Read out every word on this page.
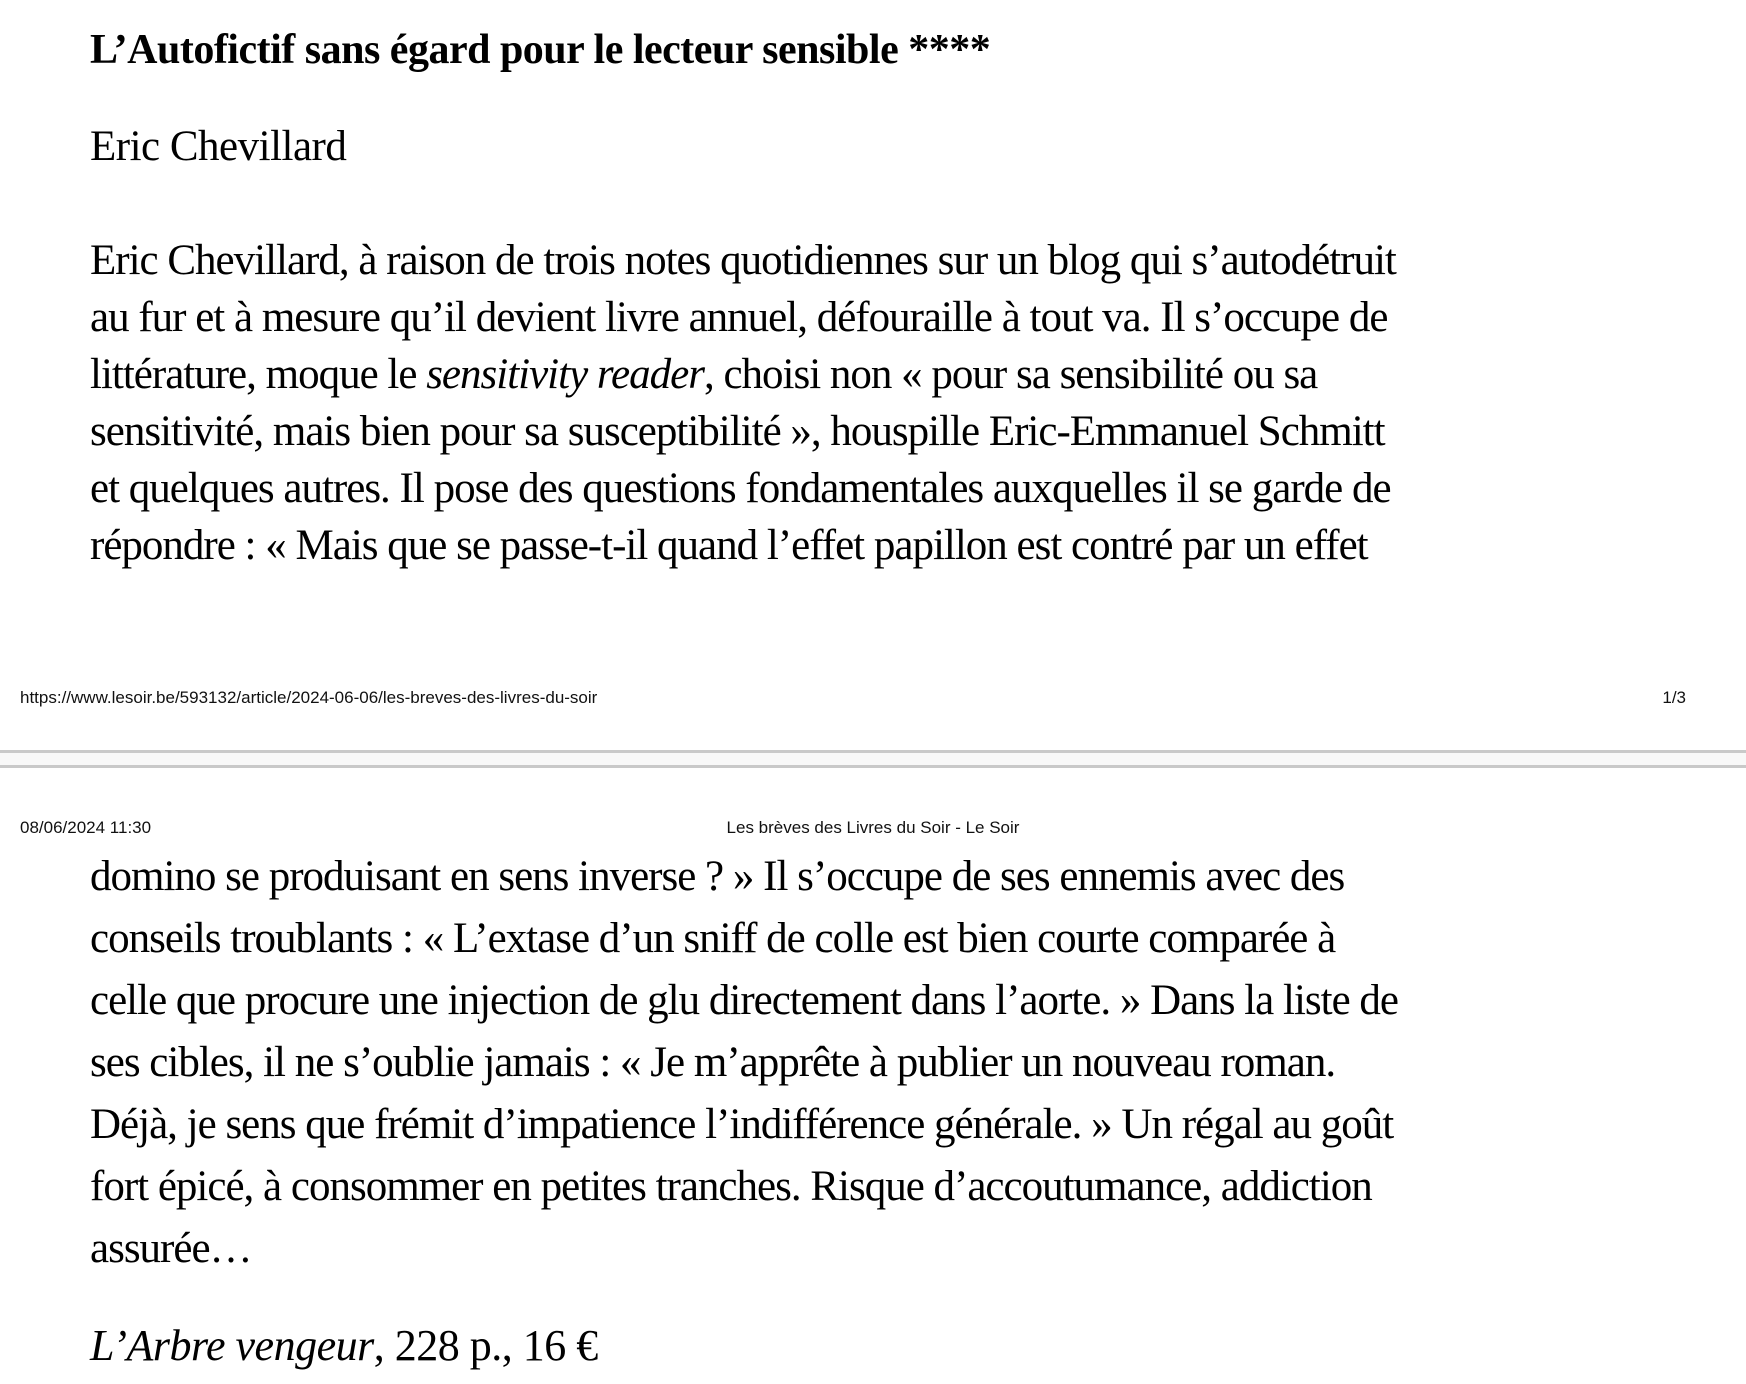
L’Autofictif sans égard pour le lecteur sensible ****
Eric Chevillard
Eric Chevillard, à raison de trois notes quotidiennes sur un blog qui s’autodétruit
au fur et à mesure qu’il devient livre annuel, défouraille à tout va. Il s’occupe de
littérature, moque le sensitivity reader, choisi non « pour sa sensibilité ou sa
sensitivité, mais bien pour sa susceptibilité », houspille Eric-Emmanuel Schmitt
et quelques autres. Il pose des questions fondamentales auxquelles il se garde de
répondre : « Mais que se passe-t-il quand l’effet papillon est contré par un effet
https://www.lesoir.be/593132/article/2024-06-06/les-breves-des-livres-du-soir	1/3
08/06/2024 11:30	Les brèves des Livres du Soir - Le Soir
domino se produisant en sens inverse ? » Il s’occupe de ses ennemis avec des
conseils troublants : « L’extase d’un sniff de colle est bien courte comparée à
celle que procure une injection de glu directement dans l’aorte. » Dans la liste de
ses cibles, il ne s’oublie jamais : « Je m’apprête à publier un nouveau roman.
Déjà, je sens que frémit d’impatience l’indifférence générale. » Un régal au goût
fort épicé, à consommer en petites tranches. Risque d’accoutumance, addiction
assurée…
L’Arbre vengeur, 228 p., 16 €
